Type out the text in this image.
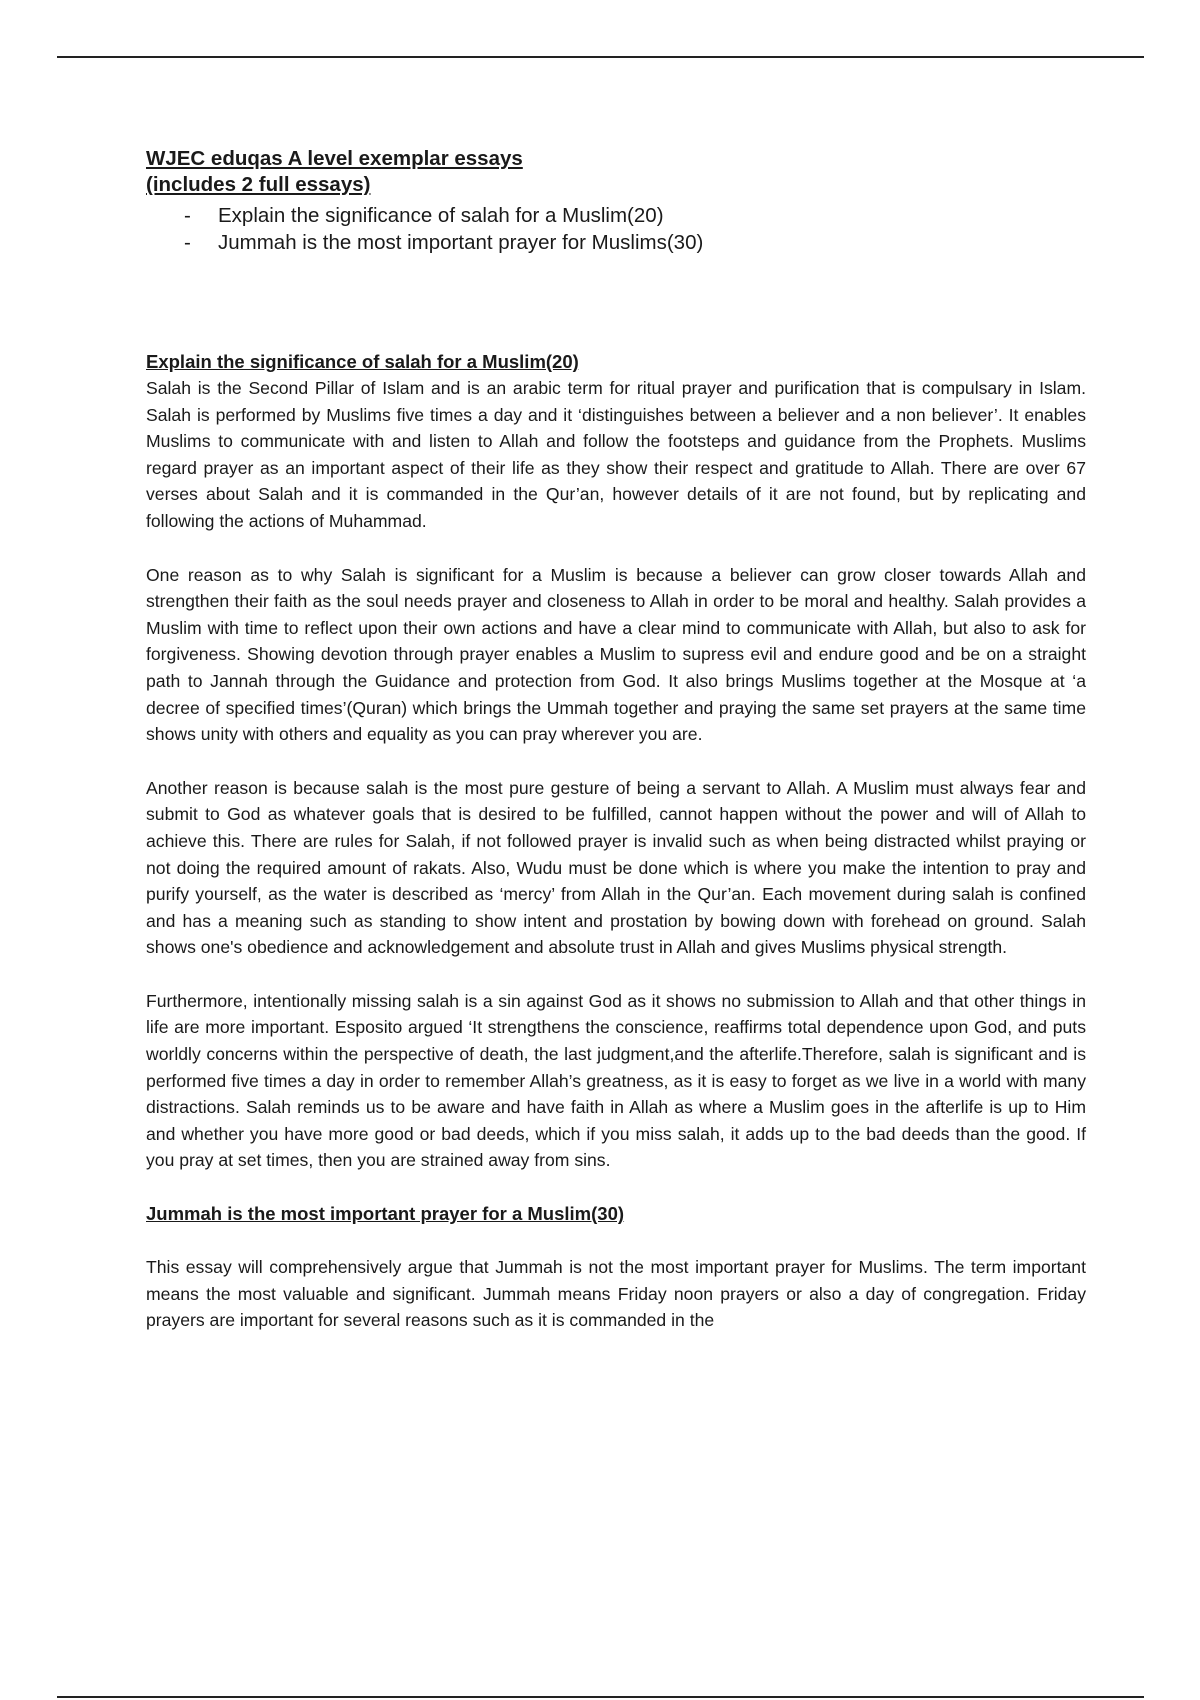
WJEC eduqas A level exemplar essays
(includes 2 full essays)
- Explain the significance of salah for a Muslim(20)
- Jummah is the most important prayer for Muslims(30)
Explain the significance of salah for a Muslim(20)

Salah is the Second Pillar of Islam and is an arabic term for ritual prayer and purification that is compulsary in Islam. Salah is performed by Muslims five times a day and it ‘distinguishes between a believer and a non believer’. It enables Muslims to communicate with and listen to Allah and follow the footsteps and guidance from the Prophets. Muslims regard prayer as an important aspect of their life as they show their respect and gratitude to Allah. There are over 67 verses about Salah and it is commanded in the Qur’an, however details of it are not found, but by replicating and following the actions of Muhammad.

One reason as to why Salah is significant for a Muslim is because a believer can grow closer towards Allah and strengthen their faith as the soul needs prayer and closeness to Allah in order to be moral and healthy. Salah provides a Muslim with time to reflect upon their own actions and have a clear mind to communicate with Allah, but also to ask for forgiveness. Showing devotion through prayer enables a Muslim to supress evil and endure good and be on a straight path to Jannah through the Guidance and protection from God. It also brings Muslims together at the Mosque at ‘a decree of specified times’(Quran) which brings the Ummah together and praying the same set prayers at the same time shows unity with others and equality as you can pray wherever you are.

Another reason is because salah is the most pure gesture of being a servant to Allah. A Muslim must always fear and submit to God as whatever goals that is desired to be fulfilled, cannot happen without the power and will of Allah to achieve this. There are rules for Salah, if not followed prayer is invalid such as when being distracted whilst praying or not doing the required amount of rakats. Also, Wudu must be done which is where you make the intention to pray and purify yourself, as the water is described as ‘mercy’ from Allah in the Qur’an. Each movement during salah is confined and has a meaning such as standing to show intent and prostation by bowing down with forehead on ground. Salah shows one's obedience and acknowledgement and absolute trust in Allah and gives Muslims physical strength.

Furthermore, intentionally missing salah is a sin against God as it shows no submission to Allah and that other things in life are more important. Esposito argued ‘It strengthens the conscience, reaffirms total dependence upon God, and puts worldly concerns within the perspective of death, the last judgment,and the afterlife.Therefore, salah is significant and is performed five times a day in order to remember Allah’s greatness, as it is easy to forget as we live in a world with many distractions. Salah reminds us to be aware and have faith in Allah as where a Muslim goes in the afterlife is up to Him and whether you have more good or bad deeds, which if you miss salah, it adds up to the bad deeds than the good. If you pray at set times, then you are strained away from sins.

Jummah is the most important prayer for a Muslim(30)

This essay will comprehensively argue that Jummah is not the most important prayer for Muslims. The term important means the most valuable and significant. Jummah means Friday noon prayers or also a day of congregation. Friday prayers are important for several reasons such as it is commanded in the
